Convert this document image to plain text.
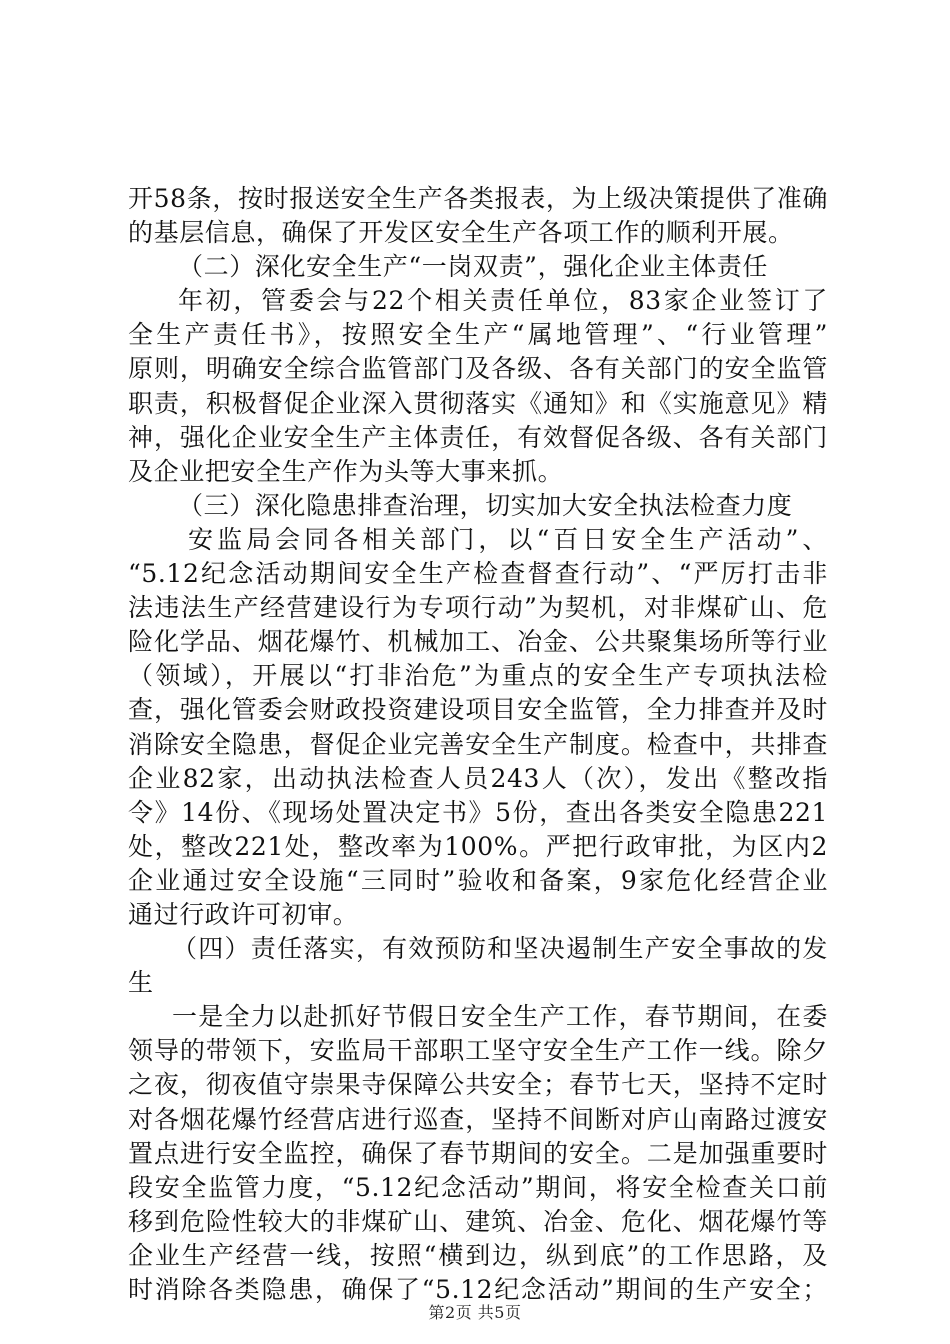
开58条，按时报送安全生产各类报表，为上级决策提供了准确
的基层信息，确保了开发区安全生产各项工作的顺利开展。
（二）深化安全生产“一岗双责”，强化企业主体责任
年初，管委会与22个相关责任单位，83家企业签订了
全生产责任书》，按照安全生产“属地管理”、“行业管理”
原则，明确安全综合监管部门及各级、各有关部门的安全监管
职责，积极督促企业深入贯彻落实《通知》和《实施意见》精
神，强化企业安全生产主体责任，有效督促各级、各有关部门
及企业把安全生产作为头等大事来抓。
（三）深化隐患排查治理，切实加大安全执法检查力度
安监局会同各相关部门，以“百日安全生产活动”、
“5.12纪念活动期间安全生产检查督查行动”、“严厉打击非
法违法生产经营建设行为专项行动”为契机，对非煤矿山、危
险化学品、烟花爆竹、机械加工、冶金、公共聚集场所等行业
（领域），开展以“打非治危”为重点的安全生产专项执法检
查，强化管委会财政投资建设项目安全监管，全力排查并及时
消除安全隐患，督促企业完善安全生产制度。检查中，共排查
企业82家，出动执法检查人员243人（次），发出《整改指
令》14份、《现场处置决定书》5份，查出各类安全隐患221
处，整改221处，整改率为100%。严把行政审批，为区内2
企业通过安全设施“三同时”验收和备案，9家危化经营企业
通过行政许可初审。
（四）责任落实，有效预防和坚决遏制生产安全事故的发
生
一是全力以赴抓好节假日安全生产工作，春节期间，在委
领导的带领下，安监局干部职工坚守安全生产工作一线。除夕
之夜，彻夜值守崇果寺保障公共安全；春节七天，坚持不定时
对各烟花爆竹经营店进行巡查，坚持不间断对庐山南路过渡安
置点进行安全监控，确保了春节期间的安全。二是加强重要时
段安全监管力度，“5.12纪念活动”期间，将安全检查关口前
移到危险性较大的非煤矿山、建筑、冶金、危化、烟花爆竹等
企业生产经营一线，按照“横到边，纵到底”的工作思路，及
时消除各类隐患，确保了“5.12纪念活动”期间的生产安全；
第2页 共5页
